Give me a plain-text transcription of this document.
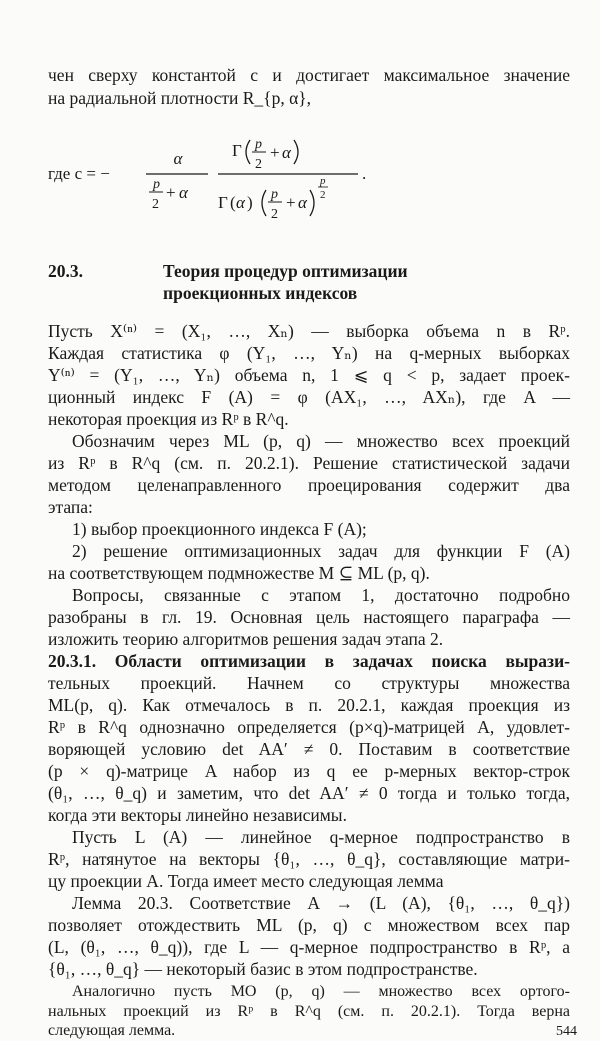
чен сверху константой c и достигает максимальное значение
на радиальной плотности R_{p, α},
где c = −
α
p
2
+ α
Γ p
2
+ α
Γ ( α ) p
2
+ α
p
2
.
20.3.	Теория процедур оптимизации
проекционных индексов
Пусть X⁽ⁿ⁾ = (X₁, …, Xₙ) — выборка объема n в Rᵖ.
Каждая статистика φ (Y₁, …, Yₙ) на q-мерных выборках
Y⁽ⁿ⁾ = (Y₁, …, Yₙ) объема n, 1 ⩽ q < p, задает проек-
ционный индекс F (A) = φ (AX₁, …, AXₙ), где A —
некоторая проекция из Rᵖ в R^q.
Обозначим через ML (p, q) — множество всех проекций
из Rᵖ в R^q (см. п. 20.2.1). Решение статистической задачи
методом целенаправленного проецирования содержит два
этапа:
1) выбор проекционного индекса F (A);
2) решение оптимизационных задач для функции F (A)
на соответствующем подмножестве M ⊆ ML (p, q).
Вопросы, связанные с этапом 1, достаточно подробно
разобраны в гл. 19. Основная цель настоящего параграфа —
изложить теорию алгоритмов решения задач этапа 2.
20.3.1. Области оптимизации в задачах поиска вырази-
тельных проекций. Начнем со структуры множества
ML(p, q). Как отмечалось в п. 20.2.1, каждая проекция из
Rᵖ в R^q однозначно определяется (p×q)-матрицей A, удовлет-
воряющей условию det AA′ ≠ 0. Поставим в соответствие
(p × q)-матрице A набор из q ее p-мерных вектор-строк
(θ₁, …, θ_q) и заметим, что det AA′ ≠ 0 тогда и только тогда,
когда эти векторы линейно независимы.
Пусть L (A) — линейное q-мерное подпространство в
Rᵖ, натянутое на векторы {θ₁, …, θ_q}, составляющие матри-
цу проекции A. Тогда имеет место следующая лемма
Лемма 20.3. Соответствие A → (L (A), {θ₁, …, θ_q})
позволяет отождествить ML (p, q) с множеством всех пар
(L, (θ₁, …, θ_q)), где L — q-мерное подпространство в Rᵖ, а
{θ₁, …, θ_q} — некоторый базис в этом подпространстве.
Аналогично пусть MO (p, q) — множество всех ортого-
нальных проекций из Rᵖ в R^q (см. п. 20.2.1). Тогда верна
следующая лемма.	544
